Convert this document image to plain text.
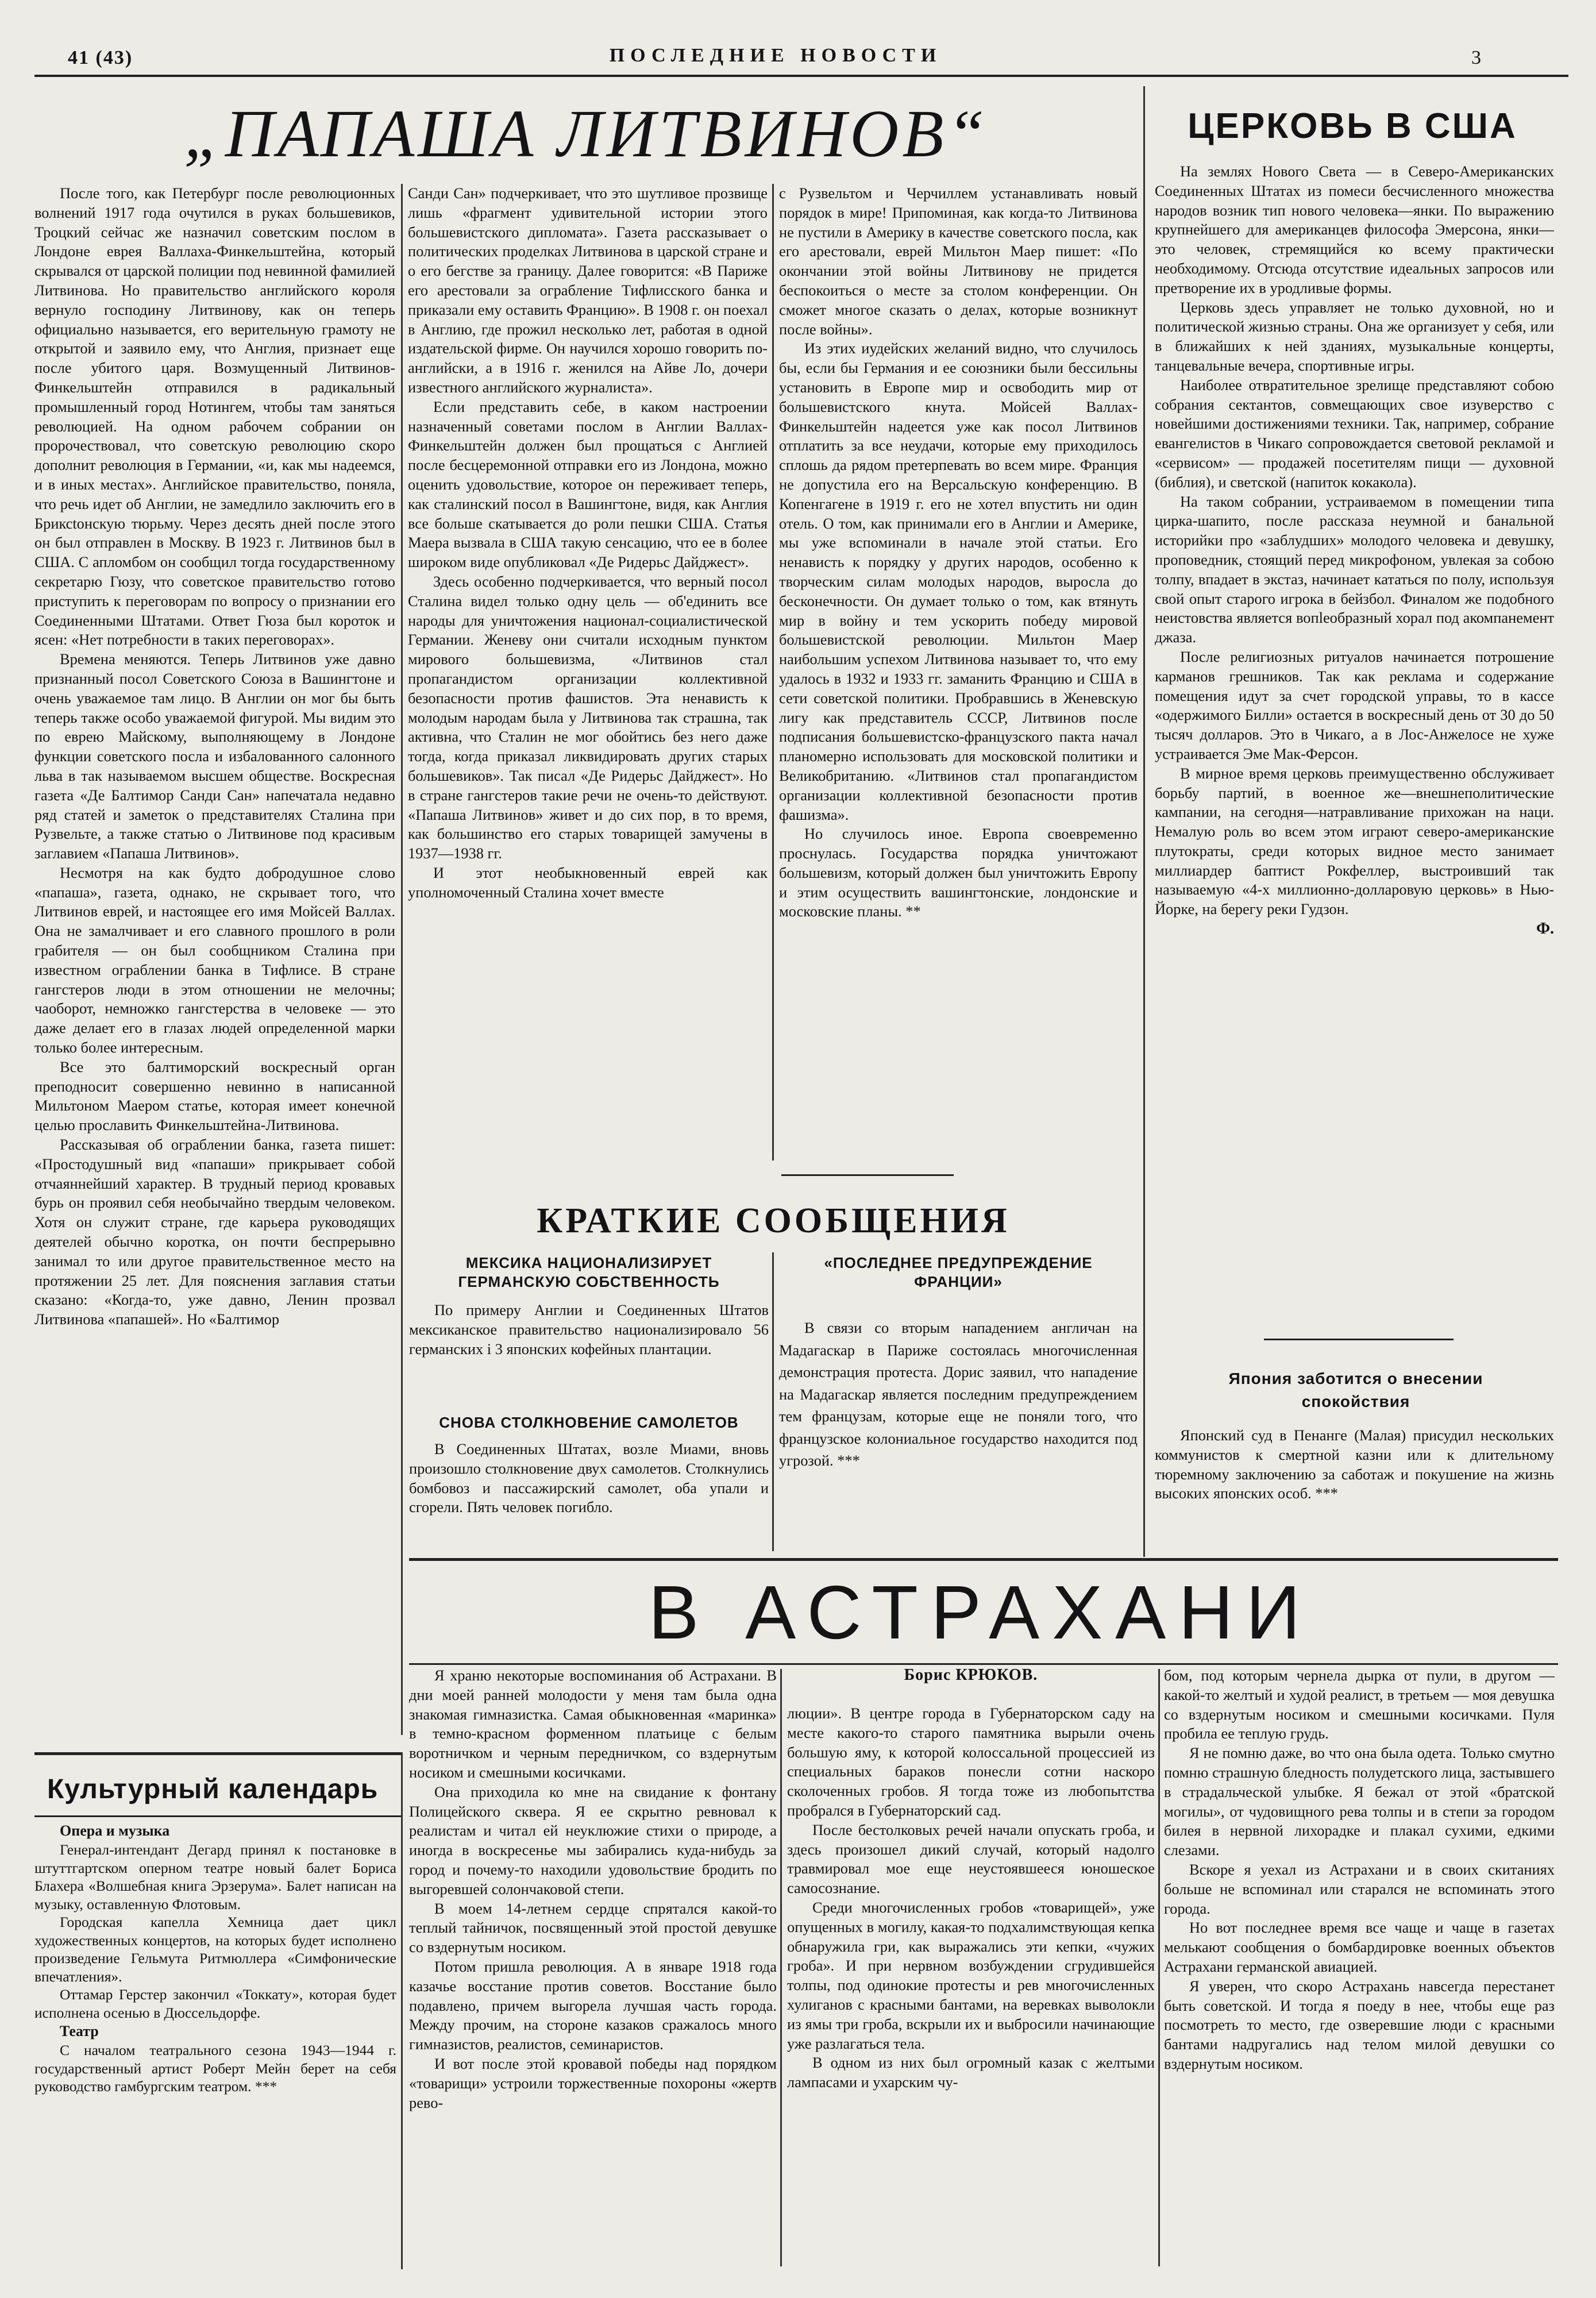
41 (43)	ПОСЛЕДНИЕ НОВОСТИ	3
„ПАПАША ЛИТВИНОВ“

После того, как Петербург после революционных волнений 1917 года очутился в руках большевиков, Троцкий сейчас же назначил советским послом в Лондоне еврея Валлаха-Финкельштейна, который скрывался от царской полиции под невинной фамилией Литвинова. Но правительство английского короля вернуло господину Литвинову, как он теперь официально называется, его верительную грамоту не открытой и заявило ему, что Англия, признает еще после убитого царя. Возмущенный Литвинов-Финкельштейн отправился в радикальный промышленный город Нотингем, чтобы там заняться революцией. На одном рабочем собрании он пророчествовал, что советскую революцию скоро дополнит революция в Германии, «и, как мы надеемся, и в иных местах». Английское правительство, поняла, что речь идет об Англии, не замедлило заключить его в Бриксtонскую тюрьму. Через десять дней после этого он был отправлен в Москву. В 1923 г. Литвинов был в США. С апломбом он сообщил тогда государственному секретарю Гюзу, что советское правительство готово приступить к переговорам по вопросу о признании его Соединенными Штатами. Ответ Гюза был короток и ясен: «Нет потребности в таких переговорах».

Времена меняются. Теперь Литвинов уже давно признанный посол Советского Союза в Вашингтоне и очень уважаемое там лицо. В Англии он мог бы быть теперь также особо уважаемой фигурой. Мы видим это по еврею Майскому, выполняющему в Лондоне функции советского посла и избалованного салонного льва в так называемом высшем обществе. Воскресная газета «Де Балтимор Санди Сан» напечатала недавно ряд статей и заметок о представителях Сталина при Рузвельте, а также статью о Литвинове под красивым заглавием «Папаша Литвинов».

Несмотря на как будто добродушное слово «папаша», газета, однако, не скрывает того, что Литвинов еврей, и настоящее его имя Мойсей Валлах. Она не замалчивает и его славного прошлого в роли грабителя — он был сообщником Сталина при известном ограблении банка в Тифлисе. В стране гангстеров люди в этом отношении не мелочны; чаоборот, немножко гангстерства в человеке — это даже делает его в глазах людей определенной марки только более интересным.

Все это балтиморский воскресный орган преподносит совершенно невинно в написанной Мильтоном Маером статье, которая имеет конечной целью прославить Финкельштейна-Литвинова.

Рассказывая об ограблении банка, газета пишет: «Простодушный вид «папаши» прикрывает собой отчаяннейший характер. В трудный период кровавых бурь он проявил себя необычайно твердым человеком. Хотя он служит стране, где карьера руководящих деятелей обычно коротка, он почти беспрерывно занимал то или другое правительственное место на протяжении 25 лет. Для пояснения заглавия статьи сказано: «Когда-то, уже давно, Ленин прозвал Литвинова «папашей». Но «Балтимор

Санди Сан» подчеркивает, что это шутливое прозвище лишь «фрагмент удивительной истории этого большевистского дипломата». Газета рассказывает о политических проделках Литвинова в царской стране и о его бегстве за границу. Далее говорится: «В Париже его арестовали за ограбление Тифлисского банка и приказали ему оставить Францию». В 1908 г. он поехал в Англию, где прожил несколько лет, работая в одной издательской фирме. Он научился хорошо говорить по-английски, а в 1916 г. женился на Айве Ло, дочери известного английского журналиста».

Если представить себе, в каком настроении назначенный советами послом в Англии Валлах-Финкельштейн должен был прощаться с Англией после бесцеремонной отправки его из Лондона, можно оценить удовольствие, которое он переживает теперь, как сталинский посол в Вашингтоне, видя, как Англия все больше скатывается до роли пешки США. Статья Маера вызвала в США такую сенсацию, что ее в более широком виде опубликовал «Де Ридерьс Дайджест».

Здесь особенно подчеркивается, что верный посол Сталина видел только одну цель — об'единить все народы для уничтожения национал-социалистической Германии. Женеву они считали исходным пунктом мирового большевизма, «Литвинов стал пропагандистом организации коллективной безопасности против фашистов. Эта ненависть к молодым народам была у Литвинова так страшна, так активна, что Сталин не мог обойтись без него даже тогда, когда приказал ликвидировать других старых большевиков». Так писал «Де Ридерьс Дайджест». Но в стране гангстеров такие речи не очень-то действуют. «Папаша Литвинов» живет и до сих пор, в то время, как большинство его старых товарищей замучены в 1937—1938 гг.

И этот необыкновенный еврей как уполномоченный Сталина хочет вместе

с Рузвельтом и Черчиллем устанавливать новый порядок в мире! Припоминая, как когда-то Литвинова не пустили в Америку в качестве советского посла, как его арестовали, еврей Мильтон Маер пишет: «По окончании этой войны Литвинову не придется беспокоиться о месте за столом конференции. Он сможет многое сказать о делах, которые возникнут после войны».

Из этих иудейских желаний видно, что случилось бы, если бы Германия и ее союзники были бессильны установить в Европе мир и освободить мир от большевистского кнута. Мойсей Валлах-Финкельштейн надеется уже как посол Литвинов отплатить за все неудачи, которые ему приходилось сплошь да рядом претерпевать во всем мире. Франция не допустила его на Версальскую конференцию. В Копенгагене в 1919 г. его не хотел впустить ни один отель. О том, как принимали его в Англии и Америке, мы уже вспоминали в начале этой статьи. Его ненависть к порядку у других народов, особенно к творческим силам молодых народов, выросла до бесконечности. Он думает только о том, как втянуть мир в войну и тем ускорить победу мировой большевистской революции. Мильтон Маер наибольшим успехом Литвинова называет то, что ему удалось в 1932 и 1933 гг. заманить Францию и США в сети советской политики. Пробравшись в Женевскую лигу как представитель СССР, Литвинов после подписания большевистско-французского пакта начал планомерно использовать для московской политики и Великобританию. «Литвинов стал пропагандистом организации коллективной безопасности против фашизма».

Но случилось иное. Европа своевременно проснулась. Государства порядка уничтожают большевизм, который должен был уничтожить Европу и этим осуществить вашингтонские, лондонские и московские планы. **

ЦЕРКОВЬ В США

На землях Нового Света — в Северо-Американских Соединенных Штатах из помеси бесчисленного множества народов возник тип нового человека—янки. По выражению крупнейшего для американцев философа Эмерсона, янки—это человек, стремящийся ко всему практически необходимому. Отсюда отсутствие идеальных запросов или претворение их в уродливые формы.

Церковь здесь управляет не только духовной, но и политической жизнью страны. Она же организует у себя, или в ближайших к ней зданиях, музыкальные концерты, танцевальные вечера, спортивные игры.

Наиболее отвратительное зрелище представляют собою собрания сектантов, совмещающих свое изуверство с новейшими достижениями техники. Так, например, собрание евангелистов в Чикаго сопровождается световой рекламой и «сервисом» — продажей посетителям пищи — духовной (библия), и светской (напиток кокакола).

На таком собрании, устраиваемом в помещении типа цирка-шапито, после рассказа неумной и банальной историйки про «заблудших» молодого человека и девушку, проповедник, стоящий перед микрофоном, увлекая за собою толпу, впадает в экстаз, начинает кататься по полу, используя свой опыт старого игрока в бейзбол. Финалом же подобного неистовства является вопleобразный хорал под акомпанемент джаза.

После религиозных ритуалов начинается потрошение карманов грешников. Так как реклама и содержание помещения идут за счет городской управы, то в кассе «одержимого Билли» остается в воскресный день от 30 до 50 тысяч долларов. Это в Чикаго, а в Лос-Анжелосе не хуже устраивается Эме Мак-Ферсон.

В мирное время церковь преимущественно обслуживает борьбу партий, в военное же—внешнеполитические кампании, на сегодня—натравливание прихожан на наци. Немалую роль во всем этом играют северо-американские плутократы, среди которых видное место занимает миллиардер баптист Рокфеллер, выстроивший так называемую «4-х миллионно-долларовую церковь» в Нью-Йорке, на берегу реки Гудзон.

Ф.
Япония заботится о внесении спокойствия

Японский суд в Пенанге (Малая) присудил нескольких коммунистов к смертной казни или к длительному тюремному заключению за саботаж и покушение на жизнь высоких японских особ. ***

КРАТКИЕ СООБЩЕНИЯ
МЕКСИКА НАЦИОНАЛИЗИРУЕТ ГЕРМАНСКУЮ СОБСТВЕННОСТЬ

По примеру Англии и Соединенных Штатов мексиканское правительство национализировало 56 германских і 3 японских кофейных плантации.

СНОВА СТОЛКНОВЕНИЕ САМОЛЕТОВ

В Соединенных Штатах, возле Миами, вновь произошло столкновение двух самолетов. Столкнулись бомбовоз и пассажирский самолет, оба упали и сгорели. Пять человек погибло.

«ПОСЛЕДНЕЕ ПРЕДУПРЕЖДЕНИЕ ФРАНЦИИ»

В связи со вторым нападением англичан на Мадагаскар в Париже состоялась многочисленная демонстрация протеста. Дорис заявил, что нападение на Мадагаскар является последним предупреждением тем французам, которые еще не поняли того, что французское колониальное государство находится под угрозой. ***

В АСТРАХАНИ

Я храню некоторые воспоминания об Астрахани. В дни моей ранней молодости у меня там была одна знакомая гимназистка. Самая обыкновенная «маринка» в темно-красном форменном платьице с белым воротничком и черным передничком, со вздернутым носиком и смешными косичками.

Она приходила ко мне на свидание к фонтану Полицейского сквера. Я ее скрытно ревновал к реалистам и читал ей неуклюжие стихи о природе, а иногда в воскресенье мы забирались куда-нибудь за город и почему-то находили удовольствие бродить по выгоревшей солончаковой степи.

В моем 14-летнем сердце спрятался какой-то теплый тайничок, посвященный этой простой девушке со вздернутым носиком.

Потом пришла революция. А в январе 1918 года казачье восстание против советов. Восстание было подавлено, причем выгорела лучшая часть города. Между прочим, на стороне казаков сражалось много гимназистов, реалистов, семинаристов.

И вот после этой кровавой победы над порядком «товарищи» устроили торжественные похороны «жертв рево-

Борис КРЮКОВ.

люции». В центре города в Губернаторском саду на месте какого-то старого памятника вырыли очень большую яму, к которой колоссальной процессией из специальных бараков понесли сотни наскоро сколоченных гробов. Я тогда тоже из любопытства пробрался в Губернаторский сад.

После бестолковых речей начали опускать гроба, и здесь произошел дикий случай, который надолго травмировал мое еще неустоявшееся юношеское самосознание.

Среди многочисленных гробов «товарищей», уже опущенных в могилу, какая-то подхалимствующая кепка обнаружила гри, как выражались эти кепки, «чужих гроба». И при нервном возбуждении сгрудившейся толпы, под одинокие протесты и рев многочисленных хулиганов с красными бантами, на веревках выволокли из ямы три гроба, вскрыли их и выбросили начинающие уже разлагаться тела.

В одном из них был огромный казак с желтыми лампасами и ухарским чу-

бом, под которым чернела дырка от пули, в другом — какой-то желтый и худой реалист, в третьем — моя девушка со вздернутым носиком и смешными косичками. Пуля пробила ее теплую грудь.

Я не помню даже, во что она была одета. Только смутно помню страшную бледность полудетского лица, застывшего в страдальческой улыбке. Я бежал от этой «братской могилы», от чудовищного рева толпы и в степи за городом билея в нервной лихорадке и плакал сухими, едкими слезами.

Вскоре я уехал из Астрахани и в своих скитаниях больше не вспоминал или старался не вспоминать этого города.

Но вот последнее время все чаще и чаще в газетах мелькают сообщения о бомбардировке военных объектов Астрахани германской авиацией.

Я уверен, что скоро Астрахань навсегда перестанет быть советской. И тогда я поеду в нее, чтобы еще раз посмотреть то место, где озверевшие люди с красными бантами надругались над телом милой девушки со вздернутым носиком.

Культурный календарь

Опера и музыка

Генерал-интендант Дегард принял к постановке в штуттгартском оперном театре новый балет Бориса Блахера «Волшебная книга Эрзерума». Балет написан на музыку, оставленную Флотовым.

Городская капелла Хемница дает цикл художественных концертов, на которых будет исполнено произведение Гельмута Ритмюллера «Симфонические впечатления».

Оттамар Герстер закончил «Токкату», которая будет исполнена осенью в Дюссельдорфе.

Театр

С началом театрального сезона 1943—1944 г. государственный артист Роберт Мейн берет на себя руководство гамбургским театром. ***
